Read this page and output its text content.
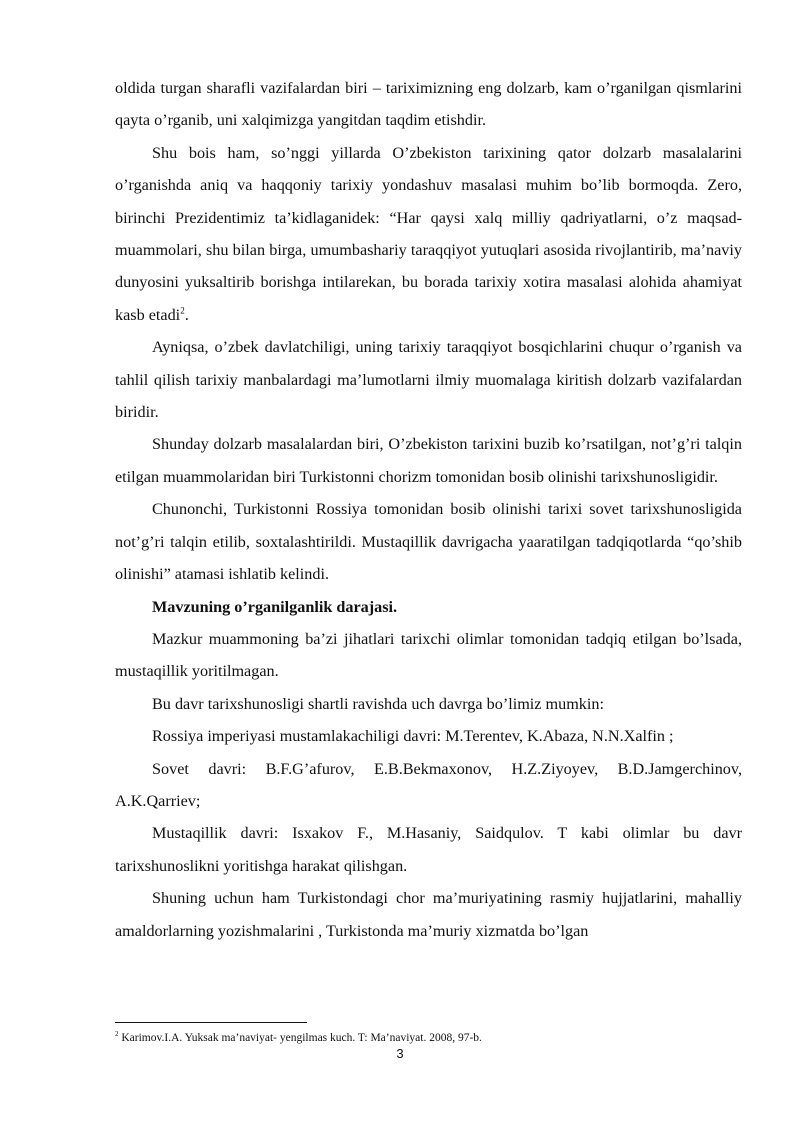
oldida turgan sharafli vazifalardan biri – tariximizning eng dolzarb, kam o’rganilgan qismlarini qayta o’rganib, uni xalqimizga yangitdan taqdim etishdir.

Shu bois ham, so’nggi yillarda O’zbekiston tarixining qator dolzarb masalalarini o’rganishda aniq va haqqoniy tarixiy yondashuv masalasi muhim bo’lib bormoqda. Zero, birinchi Prezidentimiz ta’kidlaganidek: “Har qaysi xalq milliy qadriyatlarni, o’z maqsad-muammolari, shu bilan birga, umumbashariy taraqqiyot yutuqlari asosida rivojlantirib, ma’naviy dunyosini yuksaltirib borishga intilarekan, bu borada tarixiy xotira masalasi alohida ahamiyat kasb etadi$^2$.

Ayniqsa, o’zbek davlatchiligi, uning tarixiy taraqqiyot bosqichlarini chuqur o’rganish va tahlil qilish tarixiy manbalardagi ma’lumotlarni ilmiy muomalaga kiritish dolzarb vazifalardan biridir.

Shunday dolzarb masalalardan biri, O’zbekiston tarixini buzib ko’rsatilgan, not’g’ri talqin etilgan muammolaridan biri Turkistonni chorizm tomonidan bosib olinishi tarixshunosligidir.

Chunonchi, Turkistonni Rossiya tomonidan bosib olinishi tarixi sovet tarixshunosligida not’g’ri talqin etilib, soxtalashtirildi. Mustaqillik davrigacha yaaratilgan tadqiqotlarda “qo’shib olinishi” atamasi ishlatib kelindi.

Mavzuning o’rganilganlik darajasi.

Mazkur muammoning ba’zi jihatlari tarixchi olimlar tomonidan tadqiq etilgan bo’lsada, mustaqillik yoritilmagan.

Bu davr tarixshunosligi shartli ravishda uch davrga bo’limiz mumkin:

Rossiya imperiyasi mustamlakachiligi davri: M.Terentev, K.Abaza, N.N.Xalfin ;

Sovet davri: B.F.G’afurov, E.B.Bekmaxonov, H.Z.Ziyoyev, B.D.Jamgerchinov, A.K.Qarriev;

Mustaqillik davri: Isxakov F., M.Hasaniy, Saidqulov. T kabi olimlar bu davr tarixshunoslikni yoritishga harakat qilishgan.

Shuning uchun ham Turkistondagi chor ma’muriyatining rasmiy hujjatlarini, mahalliy amaldorlarning yozishmalarini , Turkistonda ma’muriy xizmatda bo’lgan

$^2$ Karimov.I.A. Yuksak ma’naviyat- yengilmas kuch. T: Ma’naviyat. 2008, 97-b.
3
